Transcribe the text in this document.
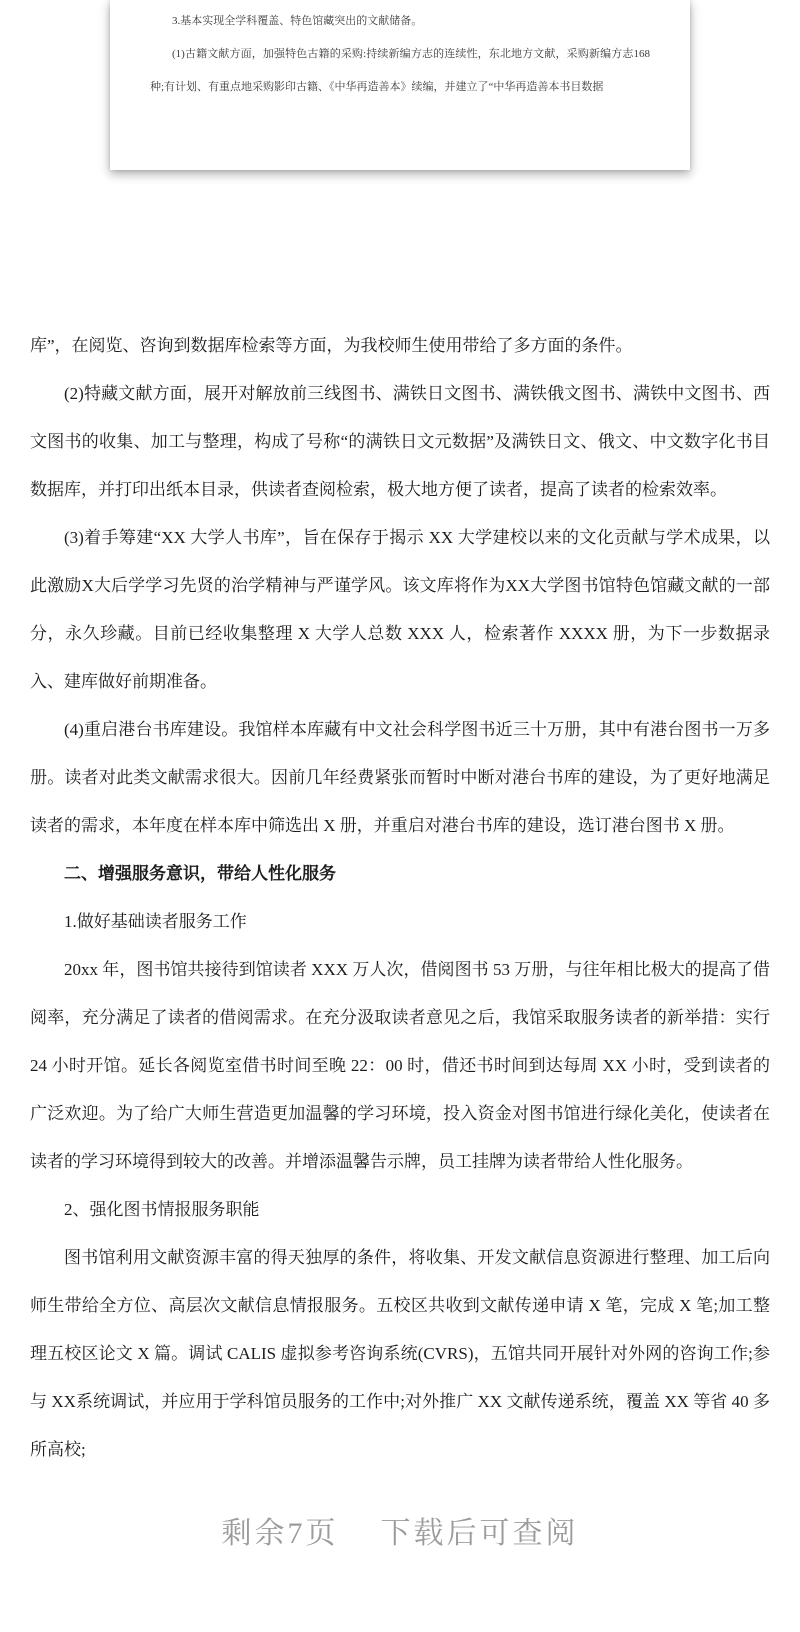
3.基本实现全学科覆盖、特色馆藏突出的文献储备。

(1)古籍文献方面，加强特色古籍的采购:持续新编方志的连续性，东北地方文献，采购新编方志168 种;有计划、有重点地采购影印古籍、《中华再造善本》续编，并建立了“中华再造善本书目数据

库”，在阅览、咨询到数据库检索等方面，为我校师生使用带给了多方面的条件。

(2)特藏文献方面，展开对解放前三线图书、满铁日文图书、满铁俄文图书、满铁中文图书、西文图书的收集、加工与整理，构成了号称“的满铁日文元数据”及满铁日文、俄文、中文数字化书目数据库，并打印出纸本目录，供读者查阅检索，极大地方便了读者，提高了读者的检索效率。

(3)着手筹建“XX 大学人书库”，旨在保存于揭示 XX 大学建校以来的文化贡献与学术成果，以此激励X大后学学习先贤的治学精神与严谨学风。该文库将作为XX大学图书馆特色馆藏文献的一部分，永久珍藏。目前已经收集整理 X 大学人总数 XXX 人，检索著作 XXXX 册，为下一步数据录入、建库做好前期准备。

(4)重启港台书库建设。我馆样本库藏有中文社会科学图书近三十万册，其中有港台图书一万多册。读者对此类文献需求很大。因前几年经费紧张而暂时中断对港台书库的建设，为了更好地满足读者的需求，本年度在样本库中筛选出 X 册，并重启对港台书库的建设，选订港台图书 X 册。

二、增强服务意识，带给人性化服务

1.做好基础读者服务工作

20xx 年，图书馆共接待到馆读者 XXX 万人次，借阅图书 53 万册，与往年相比极大的提高了借阅率，充分满足了读者的借阅需求。在充分汲取读者意见之后，我馆采取服务读者的新举措：实行24 小时开馆。延长各阅览室借书时间至晚 22：00 时，借还书时间到达每周 XX 小时，受到读者的广泛欢迎。为了给广大师生营造更加温馨的学习环境，投入资金对图书馆进行绿化美化，使读者在读者的学习环境得到较大的改善。并增添温馨告示牌，员工挂牌为读者带给人性化服务。

2、强化图书情报服务职能

图书馆利用文献资源丰富的得天独厚的条件，将收集、开发文献信息资源进行整理、加工后向师生带给全方位、高层次文献信息情报服务。五校区共收到文献传递申请 X 笔，完成 X 笔;加工整理五校区论文 X 篇。调试 CALIS 虚拟参考咨询系统(CVRS)，五馆共同开展针对外网的咨询工作;参与 XX系统调试，并应用于学科馆员服务的工作中;对外推广 XX 文献传递系统，覆盖 XX 等省 40 多所高校;

剩余7页 下载后可查阅
